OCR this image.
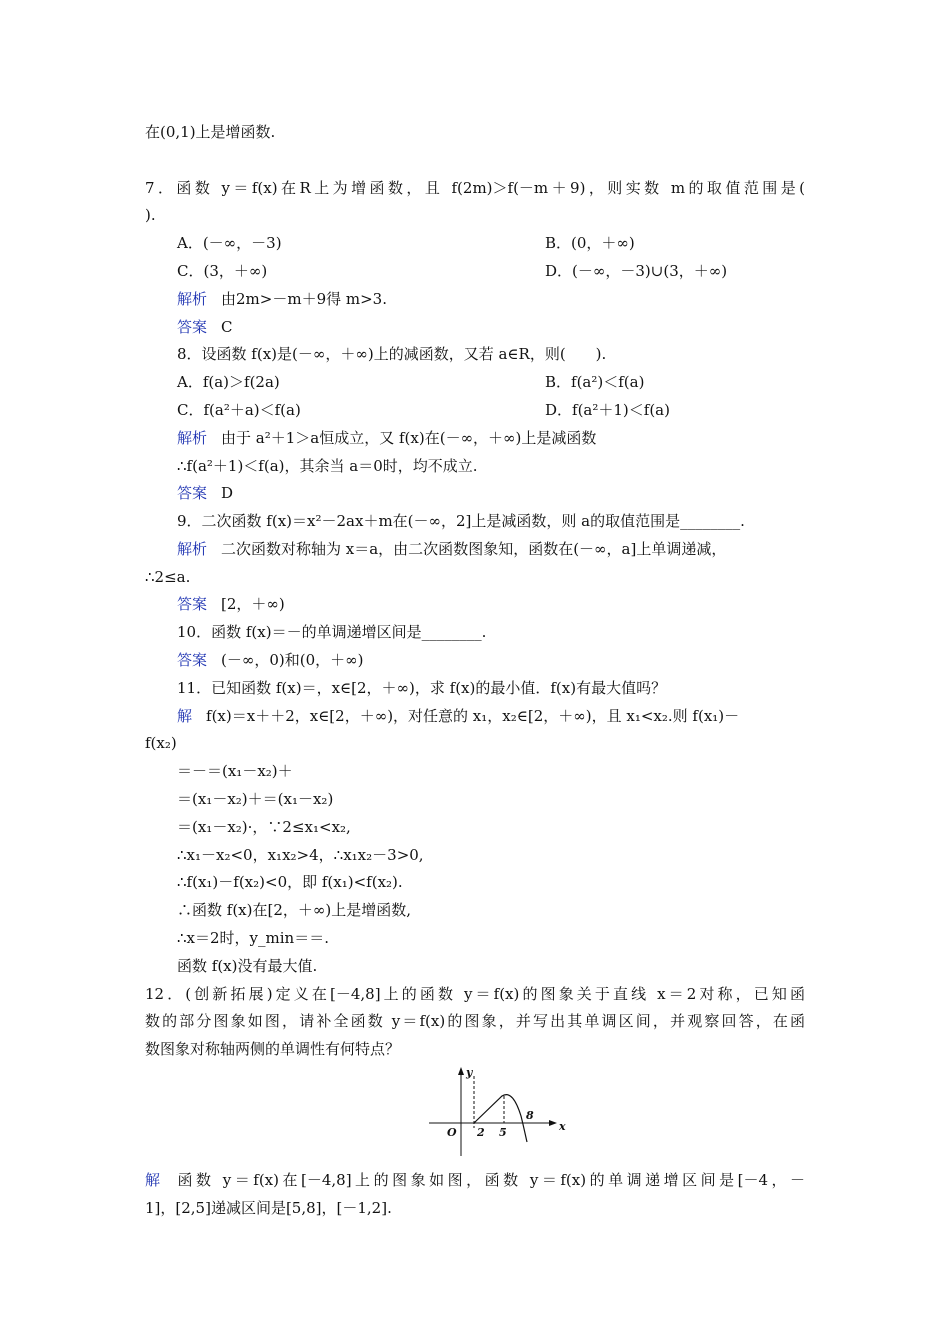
在(0,1)上是增函数.
7．函数 y＝f(x)在R上为增函数，且 f(2m)＞f(－m＋9)，则实数 m的取值范围是(
).
A．(－∞，－3)	B．(0，＋∞)
C．(3，＋∞)	D．(－∞，－3)∪(3，＋∞)
解析 由2m>－m＋9得 m>3.
答案 C
8．设函数 f(x)是(－∞，＋∞)上的减函数，又若 a∈R，则(　　).
A．f(a)＞f(2a)	B．f(a²)＜f(a)
C．f(a²＋a)＜f(a)	D．f(a²＋1)＜f(a)
解析 由于 a²＋1＞a恒成立，又 f(x)在(－∞，＋∞)上是减函数
∴f(a²＋1)＜f(a)，其余当 a＝0时，均不成立.
答案 D
9．二次函数 f(x)＝x²－2ax＋m在(－∞，2]上是减函数，则 a的取值范围是________.
解析 二次函数对称轴为 x＝a，由二次函数图象知，函数在(－∞，a]上单调递减，
∴2≤a.
答案 [2，＋∞)
10．函数 f(x)＝－的单调递增区间是________.
答案 (－∞，0)和(0，＋∞)
11．已知函数 f(x)＝，x∈[2，＋∞)，求 f(x)的最小值．f(x)有最大值吗？
解 f(x)＝x＋＋2，x∈[2，＋∞)，对任意的 x₁，x₂∈[2，＋∞)，且 x₁<x₂.则 f(x₁)－
f(x₂)
＝－＝(x₁－x₂)＋
＝(x₁－x₂)＋＝(x₁－x₂)
＝(x₁－x₂)·，∵2≤x₁<x₂,
∴x₁－x₂<0，x₁x₂>4，∴x₁x₂－3>0,
∴f(x₁)－f(x₂)<0，即 f(x₁)<f(x₂).
∴函数 f(x)在[2，＋∞)上是增函数,
∴x＝2时，y_min＝＝.
函数 f(x)没有最大值.
12．(创新拓展)定义在[－4,8]上的函数 y＝f(x)的图象关于直线 x＝2对称，已知函
数的部分图象如图，请补全函数 y＝f(x)的图象，并写出其单调区间，并观察回答，在函
数图象对称轴两侧的单调性有何特点？
y
x
O 2 5
8
解 函数 y＝f(x)在[－4,8]上的图象如图，函数 y＝f(x)的单调递增区间是[－4，－
1]，[2,5]递减区间是[5,8]，[－1,2].
